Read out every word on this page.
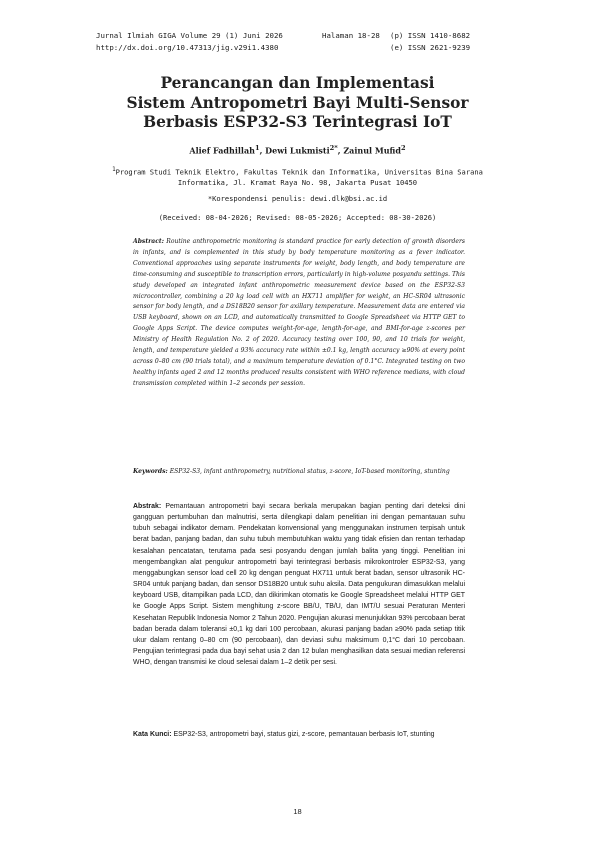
Jurnal Ilmiah GIGA Volume 29 (1) Juni 2026	Halaman 18-28 (p) ISSN 1410-8682
http://dx.doi.org/10.47313/jig.v29i1.4380	(e) ISSN 2621-9239
Perancangan dan Implementasi
Sistem Antropometri Bayi Multi-Sensor
Berbasis ESP32-S3 Terintegrasi IoT
Alief Fadhillah$^1$, Dewi Lukmisti$^{2*}$, Zainul Mufid$^2$
$^1$Program Studi Teknik Elektro, Fakultas Teknik dan Informatika, Universitas Bina Sarana Informatika, Jl. Kramat Raya No. 98, Jakarta Pusat 10450
*Korespondensi penulis: dewi.dlk@bsi.ac.id
(Received: 08-04-2026; Revised: 08-05-2026; Accepted: 08-30-2026)
Abstract: Routine anthropometric monitoring is standard practice for early detection of growth disorders in infants, and is complemented in this study by body temperature monitoring as a fever indicator. Conventional approaches using separate instruments for weight, body length, and body temperature are time-consuming and susceptible to transcription errors, particularly in high-volume posyandu settings. This study developed an integrated infant anthropometric measurement device based on the ESP32-S3 microcontroller, combining a 20 kg load cell with an HX711 amplifier for weight, an HC-SR04 ultrasonic sensor for body length, and a DS18B20 sensor for axillary temperature. Measurement data are entered via USB keyboard, shown on an LCD, and automatically transmitted to Google Spreadsheet via HTTP GET to Google Apps Script. The device computes weight-for-age, length-for-age, and BMI-for-age z-scores per Ministry of Health Regulation No. 2 of 2020. Accuracy testing over 100, 90, and 10 trials for weight, length, and temperature yielded a 93% accuracy rate within ±0.1 kg, length accuracy ≥90% at every point across 0–80 cm (90 trials total), and a maximum temperature deviation of 0.1°C. Integrated testing on two healthy infants aged 2 and 12 months produced results consistent with WHO reference medians, with cloud transmission completed within 1–2 seconds per session.
Keywords: ESP32-S3, infant anthropometry, nutritional status, z-score, IoT-based monitoring, stunting
Abstrak: Pemantauan antropometri bayi secara berkala merupakan bagian penting dari deteksi dini gangguan pertumbuhan dan malnutrisi, serta dilengkapi dalam penelitian ini dengan pemantauan suhu tubuh sebagai indikator demam. Pendekatan konvensional yang menggunakan instrumen terpisah untuk berat badan, panjang badan, dan suhu tubuh membutuhkan waktu yang tidak efisien dan rentan terhadap kesalahan pencatatan, terutama pada sesi posyandu dengan jumlah balita yang tinggi. Penelitian ini mengembangkan alat pengukur antropometri bayi terintegrasi berbasis mikrokontroler ESP32-S3, yang menggabungkan sensor load cell 20 kg dengan penguat HX711 untuk berat badan, sensor ultrasonik HC-SR04 untuk panjang badan, dan sensor DS18B20 untuk suhu aksila. Data pengukuran dimasukkan melalui keyboard USB, ditampilkan pada LCD, dan dikirimkan otomatis ke Google Spreadsheet melalui HTTP GET ke Google Apps Script. Sistem menghitung z-score BB/U, TB/U, dan IMT/U sesuai Peraturan Menteri Kesehatan Republik Indonesia Nomor 2 Tahun 2020. Pengujian akurasi menunjukkan 93% percobaan berat badan berada dalam toleransi ±0,1 kg dari 100 percobaan, akurasi panjang badan ≥90% pada setiap titik ukur dalam rentang 0–80 cm (90 percobaan), dan deviasi suhu maksimum 0,1°C dari 10 percobaan. Pengujian terintegrasi pada dua bayi sehat usia 2 dan 12 bulan menghasilkan data sesuai median referensi WHO, dengan transmisi ke cloud selesai dalam 1–2 detik per sesi.
Kata Kunci: ESP32-S3, antropometri bayi, status gizi, z-score, pemantauan berbasis IoT, stunting
18
